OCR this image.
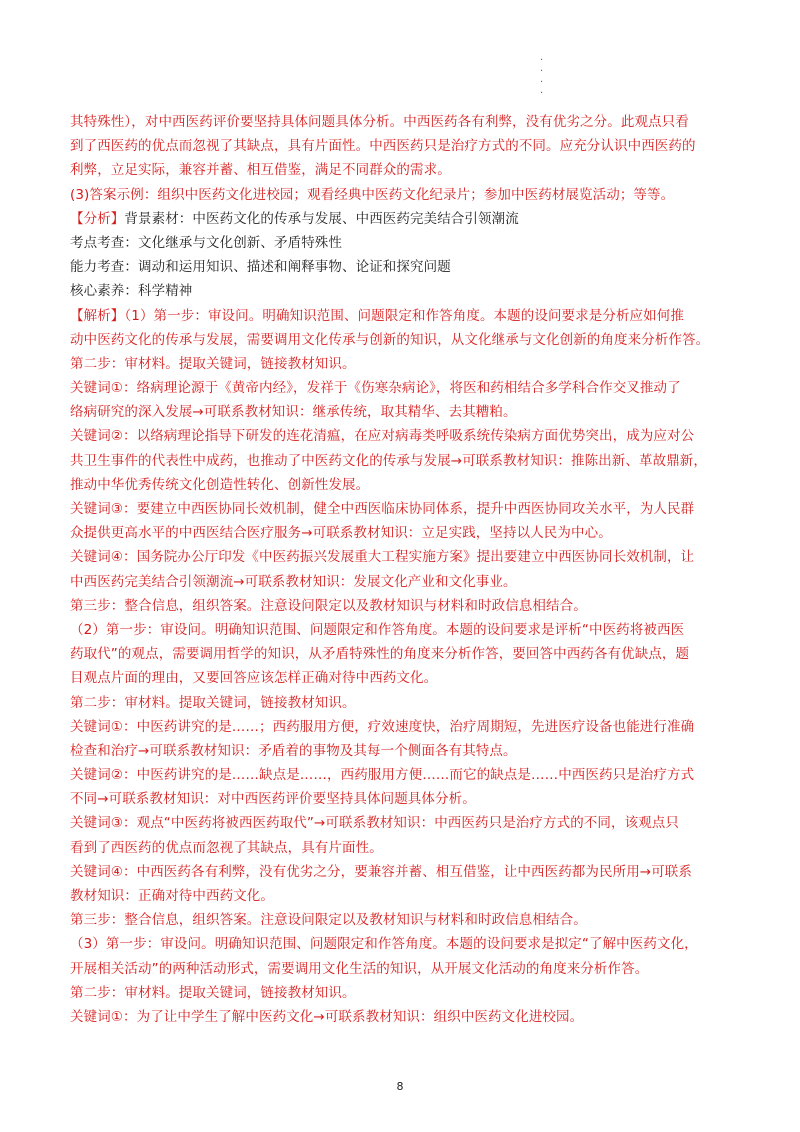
.
.
.
.
其特殊性），对中西医药评价要坚持具体问题具体分析。中西医药各有利弊，没有优劣之分。此观点只看
到了西医药的优点而忽视了其缺点，具有片面性。中西医药只是治疗方式的不同。应充分认识中西医药的
利弊，立足实际，兼容并蓄、相互借鉴，满足不同群众的需求。
(3)答案示例：组织中医药文化进校园；观看经典中医药文化纪录片；参加中医药材展览活动；等等。
【分析】背景素材：中医药文化的传承与发展、中西医药完美结合引领潮流
考点考查：文化继承与文化创新、矛盾特殊性
能力考查：调动和运用知识、描述和阐释事物、论证和探究问题
核心素养：科学精神
【解析】（1）第一步：审设问。明确知识范围、问题限定和作答角度。本题的设问要求是分析应如何推
动中医药文化的传承与发展，需要调用文化传承与创新的知识，从文化继承与文化创新的角度来分析作答。
第二步：审材料。提取关键词，链接教材知识。
关键词①：络病理论源于《黄帝内经》，发祥于《伤寒杂病论》，将医和药相结合多学科合作交叉推动了
络病研究的深入发展→可联系教材知识：继承传统，取其精华、去其糟粕。
关键词②：以络病理论指导下研发的连花清瘟，在应对病毒类呼吸系统传染病方面优势突出，成为应对公
共卫生事件的代表性中成药，也推动了中医药文化的传承与发展→可联系教材知识：推陈出新、革故鼎新，
推动中华优秀传统文化创造性转化、创新性发展。
关键词③：要建立中西医协同长效机制，健全中西医临床协同体系，提升中西医协同攻关水平，为人民群
众提供更高水平的中西医结合医疗服务→可联系教材知识：立足实践，坚持以人民为中心。
关键词④：国务院办公厅印发《中医药振兴发展重大工程实施方案》提出要建立中西医协同长效机制，让
中西医药完美结合引领潮流→可联系教材知识：发展文化产业和文化事业。
第三步：整合信息，组织答案。注意设问限定以及教材知识与材料和时政信息相结合。
（2）第一步：审设问。明确知识范围、问题限定和作答角度。本题的设问要求是评析“中医药将被西医
药取代”的观点，需要调用哲学的知识，从矛盾特殊性的角度来分析作答，要回答中西药各有优缺点，题
目观点片面的理由，又要回答应该怎样正确对待中西药文化。
第二步：审材料。提取关键词，链接教材知识。
关键词①：中医药讲究的是……；西药服用方便，疗效速度快，治疗周期短，先进医疗设备也能进行准确
检查和治疗→可联系教材知识：矛盾着的事物及其每一个侧面各有其特点。
关键词②：中医药讲究的是……缺点是……，西药服用方便……而它的缺点是……中西医药只是治疗方式
不同→可联系教材知识：对中西医药评价要坚持具体问题具体分析。
关键词③：观点“中医药将被西医药取代”→可联系教材知识：中西医药只是治疗方式的不同，该观点只
看到了西医药的优点而忽视了其缺点，具有片面性。
关键词④：中西医药各有利弊，没有优劣之分，要兼容并蓄、相互借鉴，让中西医药都为民所用→可联系
教材知识：正确对待中西药文化。
第三步：整合信息，组织答案。注意设问限定以及教材知识与材料和时政信息相结合。
（3）第一步：审设问。明确知识范围、问题限定和作答角度。本题的设问要求是拟定“了解中医药文化，
开展相关活动”的两种活动形式，需要调用文化生活的知识，从开展文化活动的角度来分析作答。
第二步：审材料。提取关键词，链接教材知识。
关键词①：为了让中学生了解中医药文化→可联系教材知识：组织中医药文化进校园。
8
